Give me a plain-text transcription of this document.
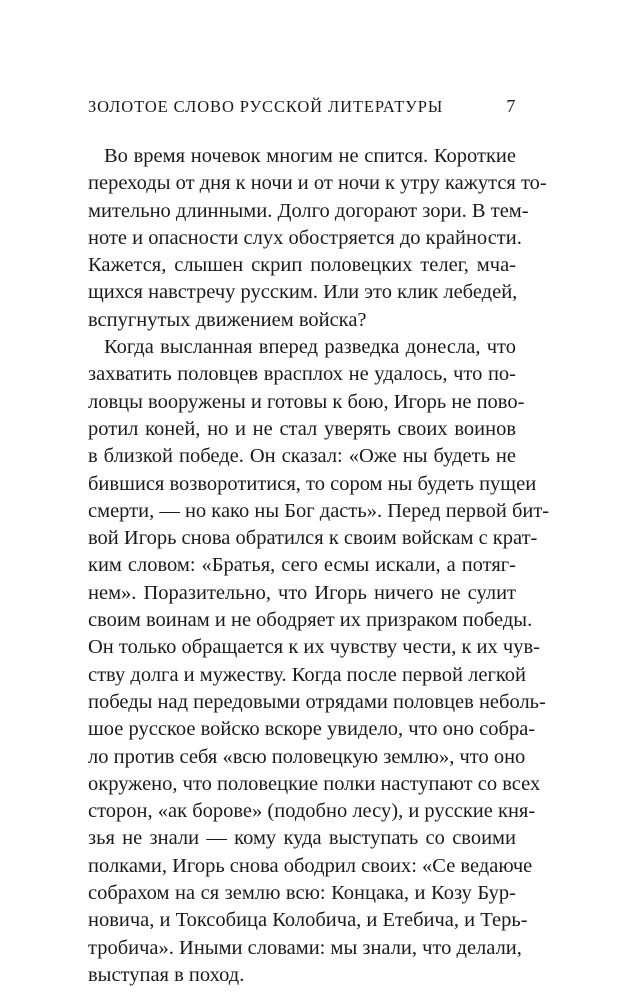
ЗОЛОТОЕ СЛОВО РУССКОЙ ЛИТЕРАТУРЫ	7
Во время ночевок многим не спится. Короткие
переходы от дня к ночи и от ночи к утру кажутся то-
мительно длинными. Долго догорают зори. В тем-
ноте и опасности слух обостряется до крайности.
Кажется, слышен скрип половецких телег, мча-
щихся навстречу русским. Или это клик лебедей,
вспугнутых движением войска?
Когда высланная вперед разведка донесла, что
захватить половцев врасплох не удалось, что по-
ловцы вооружены и готовы к бою, Игорь не пово-
ротил коней, но и не стал уверять своих воинов
в близкой победе. Он сказал: «Оже ны будеть не
бившися возворотитися, то сором ны будеть пущеи
смерти, — но како ны Бог дасть». Перед первой бит-
вой Игорь снова обратился к своим войскам с крат-
ким словом: «Братья, сего есмы искали, а потяг-
нем». Поразительно, что Игорь ничего не сулит
своим воинам и не ободряет их призраком победы.
Он только обращается к их чувству чести, к их чув-
ству долга и мужеству. Когда после первой легкой
победы над передовыми отрядами половцев неболь-
шое русское войско вскоре увидело, что оно собра-
ло против себя «всю половецкую землю», что оно
окружено, что половецкие полки наступают со всех
сторон, «ак борове» (подобно лесу), и русские кня-
зья не знали — кому куда выступать со своими
полками, Игорь снова ободрил своих: «Се ведаюче
собрахом на ся землю всю: Концака, и Козу Бур-
новича, и Токсобица Колобича, и Етебича, и Терь-
тробича». Иными словами: мы знали, что делали,
выступая в поход.
